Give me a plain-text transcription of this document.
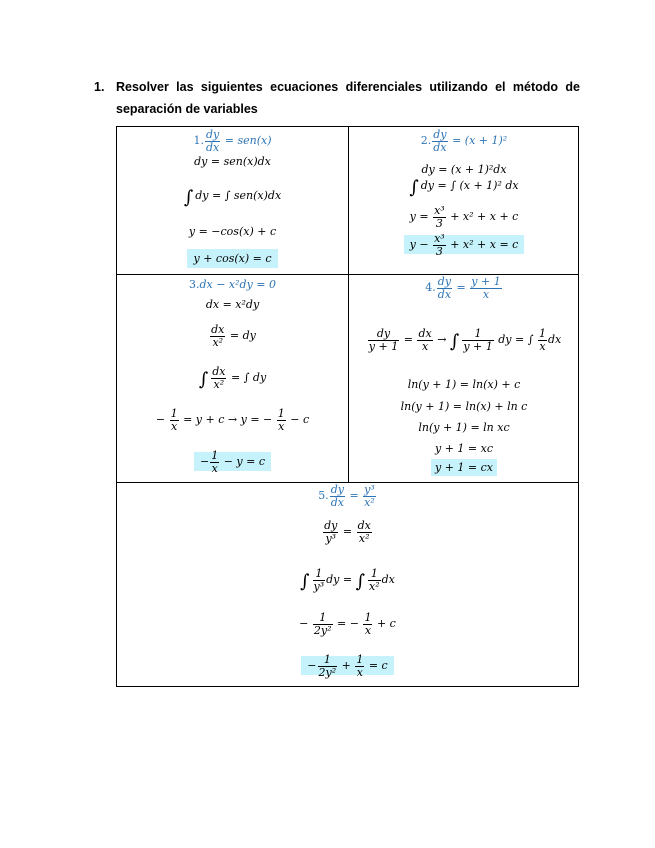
1. Resolver las siguientes ecuaciones diferenciales utilizando el método de separación de variables
1. $\frac{dy}{dx} = sen(x)$
dy = sen(x)dx
∫ dy = ∫ sen(x)dx
y = −cos(x) + c
y + cos(x) = c
2. $\frac{dy}{dx} = (x + 1)^2$
dy = (x + 1)²dx
∫ dy = ∫ (x + 1)² dx
$y = \frac{\text{x³}}{3} + x^2 + x + c$
$y - \frac{\text{x³}}{3} + x^2 + x = c$
3.dx − x²dy = 0
dx = x²dy
$\frac{dx}{\text{x²}}$ = dy
∫ $\frac{dx}{\text{x²}}$ = ∫ dy
− $\frac{1}{x} = y + c \to y$ = − $\frac{1}{x} - c$
− $\frac{1}{x} - y = c$
4. $\frac{dy}{dx} = \frac{y + 1}{x}$
$\frac{dy}{y + 1} = \frac{dx}{x}$ → ∫ $\frac{1}{y + 1}$ dy = ∫ $\frac{1}{x}$ dx
ln(y + 1) = ln(x) + c
ln(y + 1) = ln(x) + ln c
ln(y + 1) = ln xc
y + 1 = xc
y + 1 = cx
5. $\frac{dy}{dx} = \frac{\text{y³}}{\text{x²}}$
$\frac{dy}{\text{y³}} = \frac{dx}{\text{x²}}$
∫ $\frac{1}{\text{y³}}$ dy = ∫ $\frac{1}{\text{x²}}$ dx
− $\frac{1}{\text{2y²}}$ = − $\frac{1}{x} + c$
− $\frac{1}{\text{2y²}} + \frac{1}{x} = c$
